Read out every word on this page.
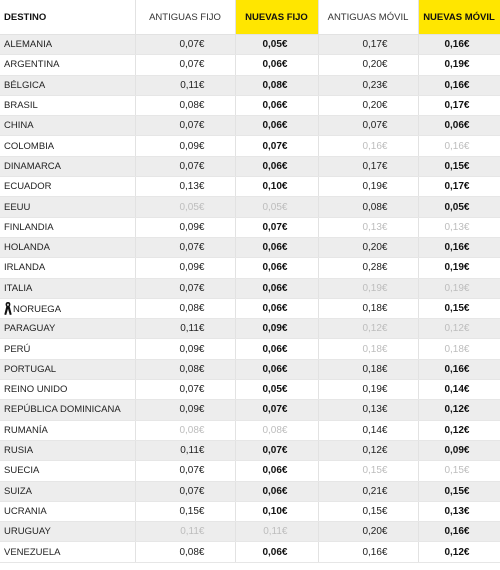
DESTINO	ANTIGUAS FIJO	NUEVAS FIJO	ANTIGUAS MÓVIL	NUEVAS MÓVIL
ALEMANIA	0,07€	0,05€	0,17€	0,16€
ARGENTINA	0,07€	0,06€	0,20€	0,19€
BÉLGICA	0,11€	0,08€	0,23€	0,16€
BRASIL	0,08€	0,06€	0,20€	0,17€
CHINA	0,07€	0,06€	0,07€	0,06€
COLOMBIA	0,09€	0,07€	0,16€	0,16€
DINAMARCA	0,07€	0,06€	0,17€	0,15€
ECUADOR	0,13€	0,10€	0,19€	0,17€
EEUU	0,05€	0,05€	0,08€	0,05€
FINLANDIA	0,09€	0,07€	0,13€	0,13€
HOLANDA	0,07€	0,06€	0,20€	0,16€
IRLANDA	0,09€	0,06€	0,28€	0,19€
ITALIA	0,07€	0,06€	0,19€	0,19€
NORUEGA	0,08€	0,06€	0,18€	0,15€
PARAGUAY	0,11€	0,09€	0,12€	0,12€
PERÚ	0,09€	0,06€	0,18€	0,18€
PORTUGAL	0,08€	0,06€	0,18€	0,16€
REINO UNIDO	0,07€	0,05€	0,19€	0,14€
REPÚBLICA DOMINICANA	0,09€	0,07€	0,13€	0,12€
RUMANÍA	0,08€	0,08€	0,14€	0,12€
RUSIA	0,11€	0,07€	0,12€	0,09€
SUECIA	0,07€	0,06€	0,15€	0,15€
SUIZA	0,07€	0,06€	0,21€	0,15€
UCRANIA	0,15€	0,10€	0,15€	0,13€
URUGUAY	0,11€	0,11€	0,20€	0,16€
VENEZUELA	0,08€	0,06€	0,16€	0,12€
